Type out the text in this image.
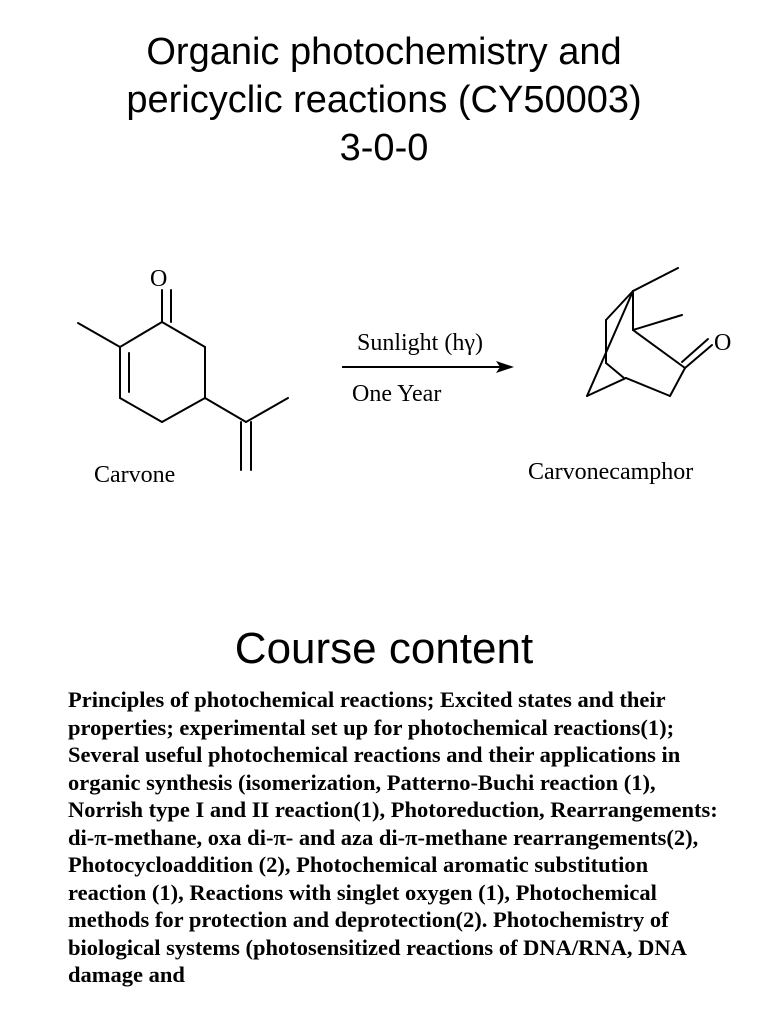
Organic photochemistry and
pericyclic reactions (CY50003)
3-0-0
O
Carvone
Sunlight (hγ)
One Year
O
Carvonecamphor
Course content

Principles of photochemical reactions; Excited states and their properties; experimental set up for photochemical reactions(1); Several useful photochemical reactions and their applications in organic synthesis (isomerization, Patterno-Buchi reaction (1), Norrish type I and II reaction(1), Photoreduction, Rearrangements: di-π-methane, oxa di-π- and aza di-π-methane rearrangements(2), Photocycloaddition (2), Photochemical aromatic substitution reaction (1), Reactions with singlet oxygen (1), Photochemical methods for protection and deprotection(2). Photochemistry of biological systems (photosensitized reactions of DNA/RNA, DNA damage and
